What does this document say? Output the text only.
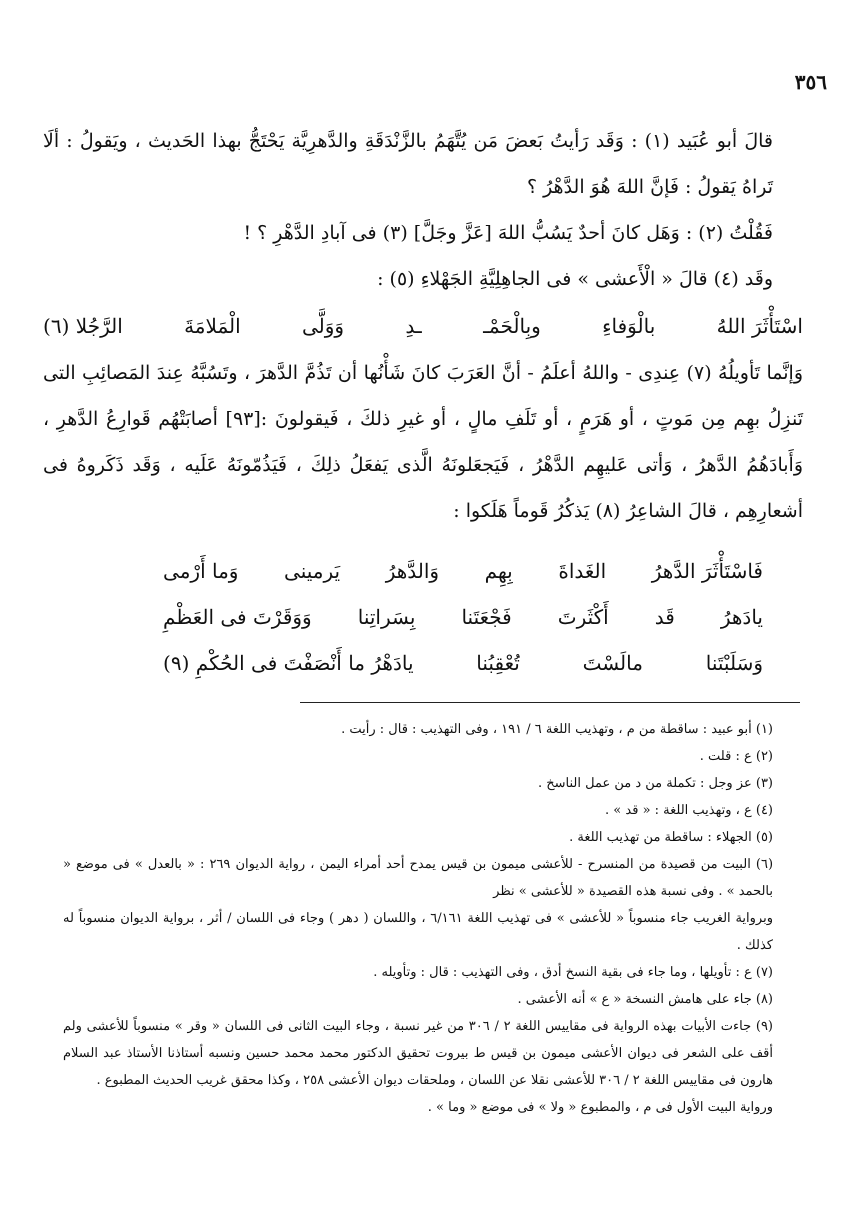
٣٥٦

قالَ أبو عُبَيد (١) : وَقَد رَأيتُ بَعضَ مَن يُتَّهَمُ بالزَّنْدَقَةِ والدَّهرِيَّة يَحْتَجُّ بهذا الحَديث ، ويَقولُ : ألَا تَراهُ يَقولُ : فَإنَّ اللهَ هُوَ الدَّهْرُ ؟

فَقُلْتُ (٢) : وَهَل كانَ أحدٌ يَسُبُّ اللهَ [عَزَّ وجَلَّ] (٣) فى آبادِ الدَّهْرِ ؟ !

وقَد (٤) قالَ « الْأَعشى » فى الجاهِلِيَّةِ الجَهْلاءِ (٥) :

اسْتَأْثَرَ اللهُ
بالْوَفاءِ
وبِالْحَمْـ
ـدِ
وَوَلَّى
الْمَلامَةَ
الرَّجُلا (٦)

وَإنَّما تَأويلُهُ (٧) عِندِى - واللهُ أعلَمُ - أنَّ العَرَبَ كانَ شَأْنُها أن تَذُمَّ الدَّهرَ ، وتَسُبَّهُ عِندَ المَصائِبِ التى تَنزِلُ بهِم مِن مَوتٍ ، أو هَرَمٍ ، أو تَلَفِ مالٍ ، أو غيرِ ذلكَ ، فَيقولونَ :[٩٣] أصابَتْهُم قَوارِعُ الدَّهرِ ، وَأَبادَهُمُ الدَّهرُ ، وَأتى عَليهِم الدَّهْرُ ، فَيَجعَلونَهُ الَّذى يَفعَلُ ذلِكَ ، فَيَذُمّونَهُ عَلَيه ، وَقَد ذَكَروهُ فى أشعارِهِم ، قالَ الشاعِرُ (٨) يَذكُرُ قَوماً هَلَكوا :

فَاسْتَأْثَرَ الدَّهرُ
الغَداةَ
بِهِم
وَالدَّهرُ
يَرمينى
وَما أَرْمى
يادَهرُ
قَد
أَكْثَرتَ
فَجْعَتَنا
بِسَراتِنا
وَوَقَرْتَ فى العَظْمِ
وَسَلَبْتَنا
مالَسْتَ
تُعْقِبُنا
يادَهْرُ ما أَنْصَفْتَ فى الحُكْمِ (٩)

(١) أبو عبيد : ساقطة من م ، وتهذيب اللغة ٦ / ١٩١ ، وفى التهذيب : قال : رأيت .

(٢) ع : قلت .

(٣) عز وجل : تكملة من د من عمل الناسخ .

(٤) ع ، وتهذيب اللغة : « قد » .

(٥) الجهلاء : ساقطة من تهذيب اللغة .

(٦) البيت من قصيدة من المنسرح - للأعشى ميمون بن قيس يمدح أحد أمراء اليمن ، رواية الديوان ٢٦٩ : « بالعدل » فى موضع « بالحمد » . وفى نسبة هذه القصيدة « للأعشى » نظر

وبرواية الغريب جاء منسوباً « للأعشى » فى تهذيب اللغة ٦/١٦١ ، واللسان ( دهر ) وجاء فى اللسان / أثر ، برواية الديوان منسوباً له كذلك .

(٧) ع : تأويلها ، وما جاء فى بقية النسخ أدق ، وفى التهذيب : قال : وتأويله .

(٨) جاء على هامش النسخة « ع » أنه الأعشى .

(٩) جاءت الأبيات بهذه الرواية فى مقاييس اللغة ٢ / ٣٠٦ من غير نسبة ، وجاء البيت الثانى فى اللسان « وقر » منسوباً للأعشى ولم أقف على الشعر فى ديوان الأعشى ميمون بن قيس ط بيروت تحقيق الدكتور محمد محمد حسين ونسبه أستاذنا الأستاذ عبد السلام هارون فى مقاييس اللغة ٢ / ٣٠٦ للأعشى نقلا عن اللسان ، وملحقات ديوان الأعشى ٢٥٨ ، وكذا محقق غريب الحديث المطبوع .

ورواية البيت الأول فى م ، والمطبوع « ولا » فى موضع « وما » .
